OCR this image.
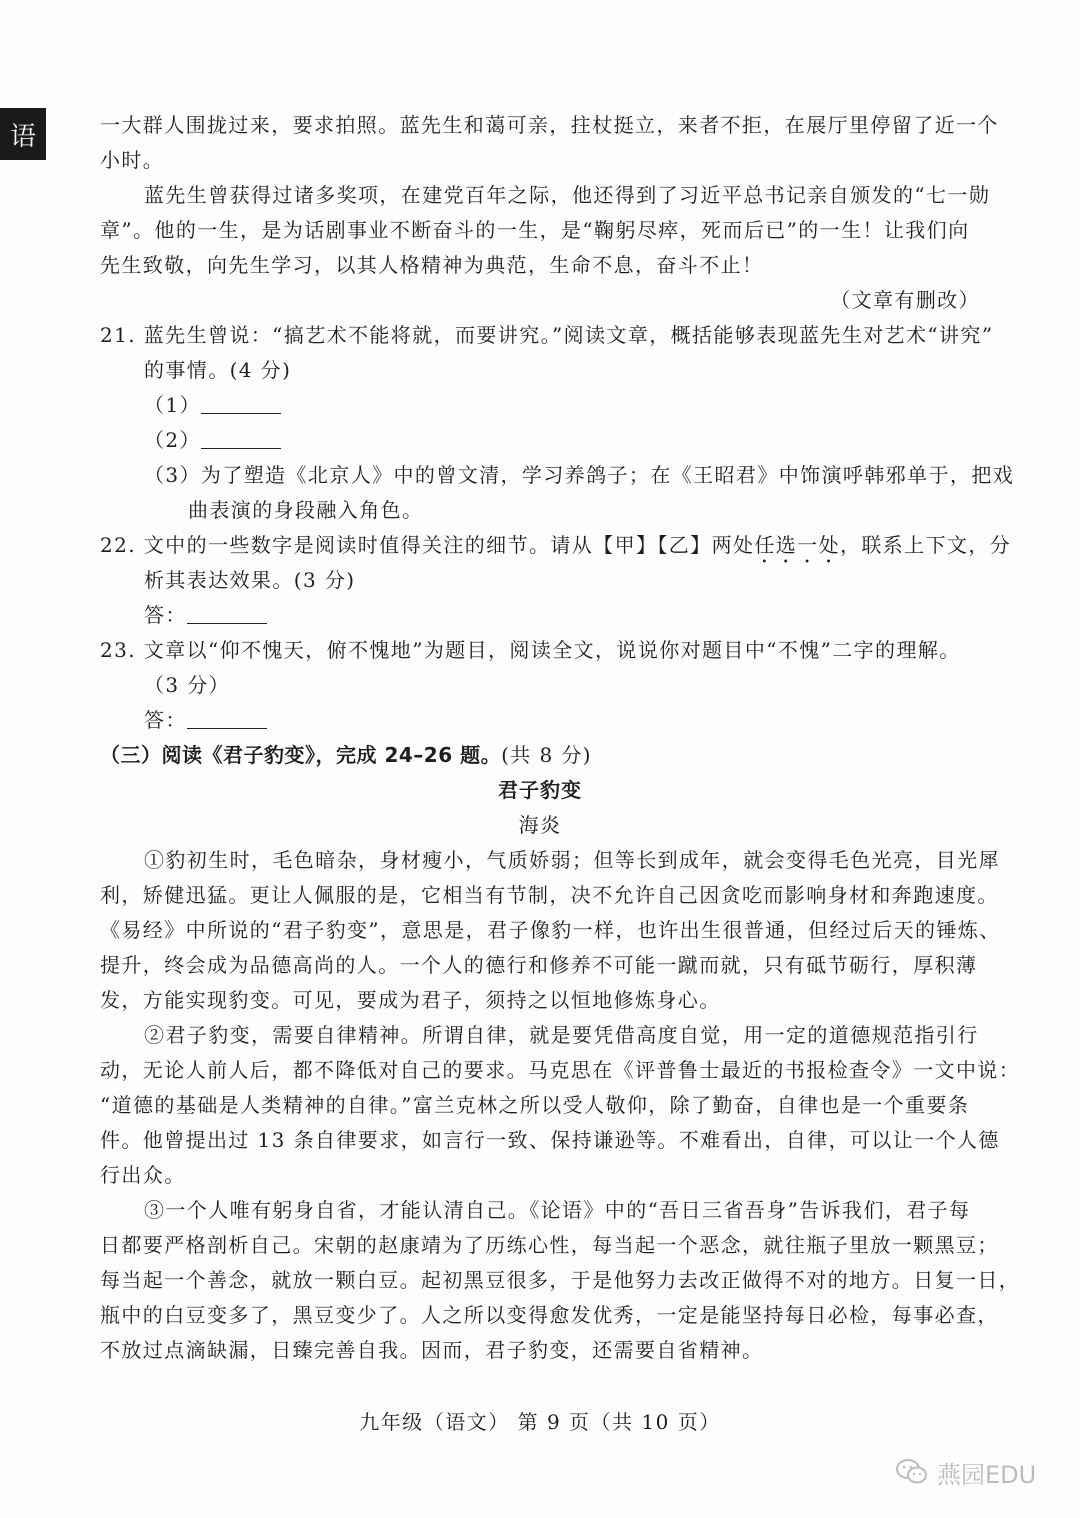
语	一大群人围拢过来，要求拍照。蓝先生和蔼可亲，拄杖挺立，来者不拒，在展厅里停留了近一个
小时。
蓝先生曾获得过诸多奖项，在建党百年之际，他还得到了习近平总书记亲自颁发的“七一勋
章”。他的一生，是为话剧事业不断奋斗的一生，是“鞠躬尽瘁，死而后已”的一生！让我们向
先生致敬，向先生学习，以其人格精神为典范，生命不息，奋斗不止！
（文章有删改）
21. 蓝先生曾说：“搞艺术不能将就，而要讲究。”阅读文章，概括能够表现蓝先生对艺术“讲究”
的事情。(4 分)
（1）
（2）
（3）为了塑造《北京人》中的曾文清，学习养鸽子；在《王昭君》中饰演呼韩邪单于，把戏
曲表演的身段融入角色。
22. 文中的一些数字是阅读时值得关注的细节。请从【甲】【乙】两处任选一处，联系上下文，分
析其表达效果。(3 分)
答：
23. 文章以“仰不愧天，俯不愧地”为题目，阅读全文，说说你对题目中“不愧”二字的理解。
（3 分）
答：
（三）阅读《君子豹变》，完成 24–26 题。(共 8 分)
君子豹变
海炎
①豹初生时，毛色暗杂，身材瘦小，气质娇弱；但等长到成年，就会变得毛色光亮，目光犀
利，矫健迅猛。更让人佩服的是，它相当有节制，决不允许自己因贪吃而影响身材和奔跑速度。
《易经》中所说的“君子豹变”，意思是，君子像豹一样，也许出生很普通，但经过后天的锤炼、
提升，终会成为品德高尚的人。一个人的德行和修养不可能一蹴而就，只有砥节砺行，厚积薄
发，方能实现豹变。可见，要成为君子，须持之以恒地修炼身心。
②君子豹变，需要自律精神。所谓自律，就是要凭借高度自觉，用一定的道德规范指引行
动，无论人前人后，都不降低对自己的要求。马克思在《评普鲁士最近的书报检查令》一文中说：
“道德的基础是人类精神的自律。”富兰克林之所以受人敬仰，除了勤奋，自律也是一个重要条
件。他曾提出过 13 条自律要求，如言行一致、保持谦逊等。不难看出，自律，可以让一个人德
行出众。
③一个人唯有躬身自省，才能认清自己。《论语》中的“吾日三省吾身”告诉我们，君子每
日都要严格剖析自己。宋朝的赵康靖为了历练心性，每当起一个恶念，就往瓶子里放一颗黑豆；
每当起一个善念，就放一颗白豆。起初黑豆很多，于是他努力去改正做得不对的地方。日复一日，
瓶中的白豆变多了，黑豆变少了。人之所以变得愈发优秀，一定是能坚持每日必检，每事必查，
不放过点滴缺漏，日臻完善自我。因而，君子豹变，还需要自省精神。
九年级（语文） 第 9 页（共 10 页）
燕园EDU
